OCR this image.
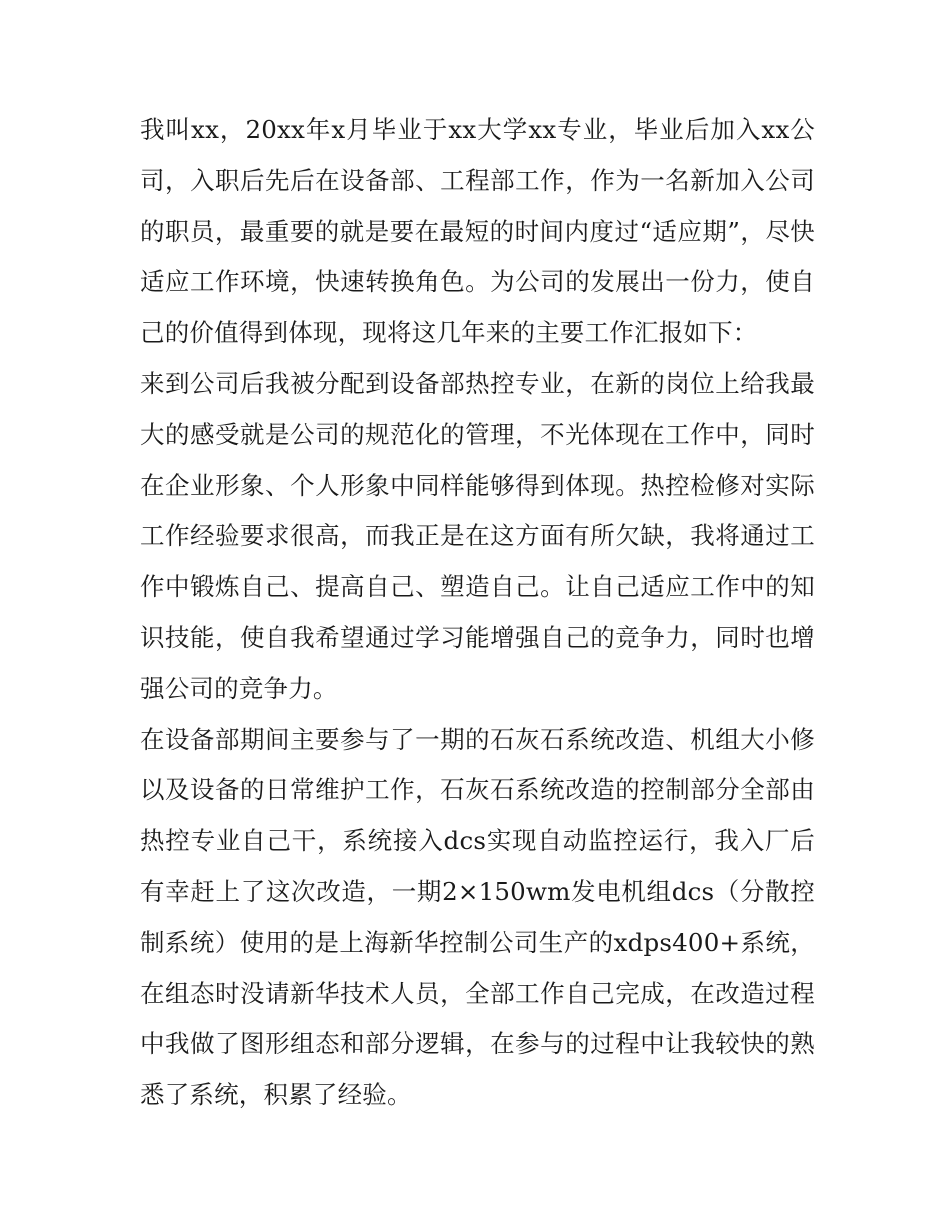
我叫xx，20xx年x月毕业于xx大学xx专业，毕业后加入xx公司，入职后先后在设备部、工程部工作，作为一名新加入公司的职员，最重要的就是要在最短的时间内度过“适应期”，尽快适应工作环境，快速转换角色。为公司的发展出一份力，使自己的价值得到体现，现将这几年来的主要工作汇报如下：

来到公司后我被分配到设备部热控专业，在新的岗位上给我最大的感受就是公司的规范化的管理，不光体现在工作中，同时在企业形象、个人形象中同样能够得到体现。热控检修对实际工作经验要求很高，而我正是在这方面有所欠缺，我将通过工作中锻炼自己、提高自己、塑造自己。让自己适应工作中的知识技能，使自我希望通过学习能增强自己的竞争力，同时也增强公司的竞争力。

在设备部期间主要参与了一期的石灰石系统改造、机组大小修以及设备的日常维护工作，石灰石系统改造的控制部分全部由热控专业自己干，系统接入dcs实现自动监控运行，我入厂后有幸赶上了这次改造，一期2×150wm发电机组dcs（分散控制系统）使用的是上海新华控制公司生产的xdps400+系统，在组态时没请新华技术人员，全部工作自己完成，在改造过程中我做了图形组态和部分逻辑，在参与的过程中让我较快的熟悉了系统，积累了经验。
